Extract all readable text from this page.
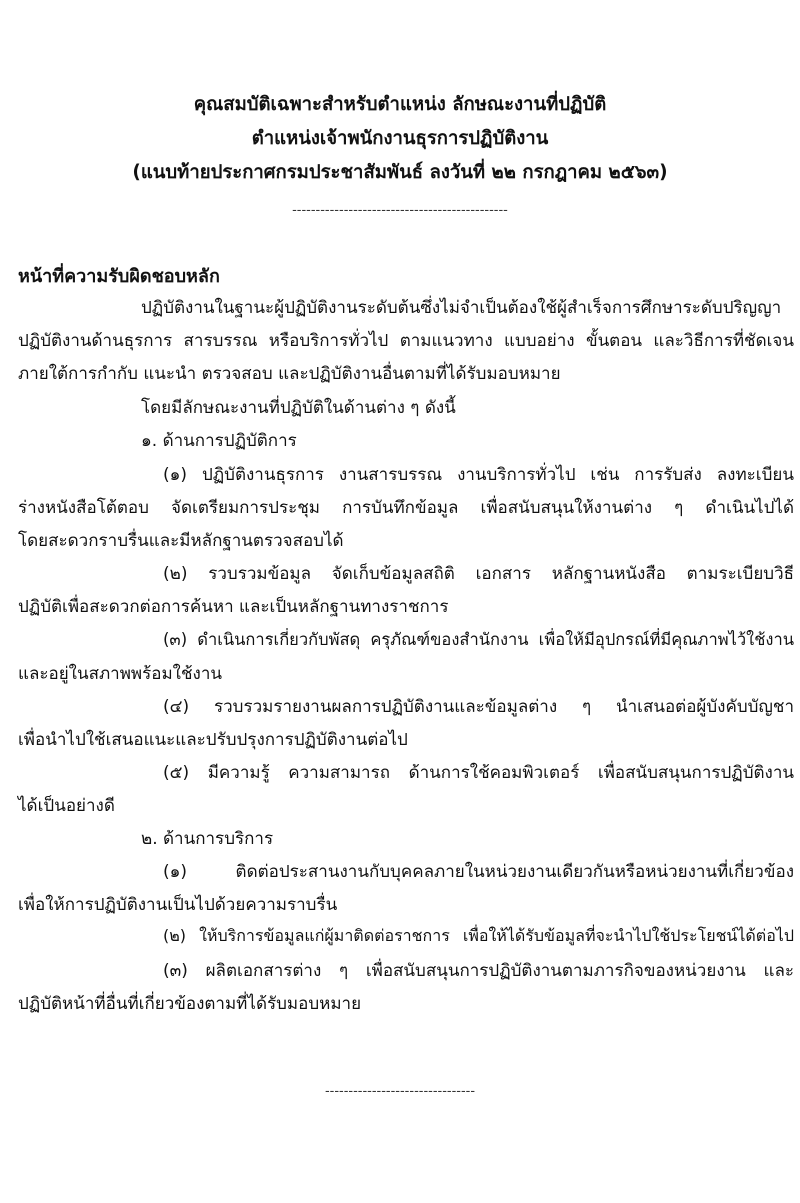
คุณสมบัติเฉพาะสำหรับตำแหน่ง ลักษณะงานที่ปฏิบัติ
ตำแหน่งเจ้าพนักงานธุรการปฏิบัติงาน
(แนบท้ายประกาศกรมประชาสัมพันธ์ ลงวันที่ ๒๒ กรกฎาคม ๒๕๖๓)
----------------------------------------------
หน้าที่ความรับผิดชอบหลัก
ปฏิบัติงานในฐานะผู้ปฏิบัติงานระดับต้นซึ่งไม่จำเป็นต้องใช้ผู้สำเร็จการศึกษาระดับปริญญา
ปฏิบัติงานด้านธุรการ สารบรรณ หรือบริการทั่วไป ตามแนวทาง แบบอย่าง ขั้นตอน และวิธีการที่ชัดเจน
ภายใต้การกำกับ แนะนำ ตรวจสอบ และปฏิบัติงานอื่นตามที่ได้รับมอบหมาย
โดยมีลักษณะงานที่ปฏิบัติในด้านต่าง ๆ ดังนี้
๑. ด้านการปฏิบัติการ
(๑) ปฏิบัติงานธุรการ งานสารบรรณ งานบริการทั่วไป เช่น การรับส่ง ลงทะเบียน
ร่างหนังสือโต้ตอบ จัดเตรียมการประชุม การบันทึกข้อมูล เพื่อสนับสนุนให้งานต่าง ๆ ดำเนินไปได้
โดยสะดวกราบรื่นและมีหลักฐานตรวจสอบได้
(๒) รวบรวมข้อมูล จัดเก็บข้อมูลสถิติ เอกสาร หลักฐานหนังสือ ตามระเบียบวิธี
ปฏิบัติเพื่อสะดวกต่อการค้นหา และเป็นหลักฐานทางราชการ
(๓) ดำเนินการเกี่ยวกับพัสดุ ครุภัณฑ์ของสำนักงาน เพื่อให้มีอุปกรณ์ที่มีคุณภาพไว้ใช้งาน
และอยู่ในสภาพพร้อมใช้งาน
(๔) รวบรวมรายงานผลการปฏิบัติงานและข้อมูลต่าง ๆ นำเสนอต่อผู้บังคับบัญชา
เพื่อนำไปใช้เสนอแนะและปรับปรุงการปฏิบัติงานต่อไป
(๕) มีความรู้ ความสามารถ ด้านการใช้คอมพิวเตอร์ เพื่อสนับสนุนการปฏิบัติงาน
ได้เป็นอย่างดี
๒. ด้านการบริการ
(๑) ติดต่อประสานงานกับบุคคลภายในหน่วยงานเดียวกันหรือหน่วยงานที่เกี่ยวข้อง
เพื่อให้การปฏิบัติงานเป็นไปด้วยความราบรื่น
(๒) ให้บริการข้อมูลแก่ผู้มาติดต่อราชการ เพื่อให้ได้รับข้อมูลที่จะนำไปใช้ประโยชน์ได้ต่อไป
(๓) ผลิตเอกสารต่าง ๆ เพื่อสนับสนุนการปฏิบัติงานตามภารกิจของหน่วยงาน และ
ปฏิบัติหน้าที่อื่นที่เกี่ยวข้องตามที่ได้รับมอบหมาย
--------------------------------
